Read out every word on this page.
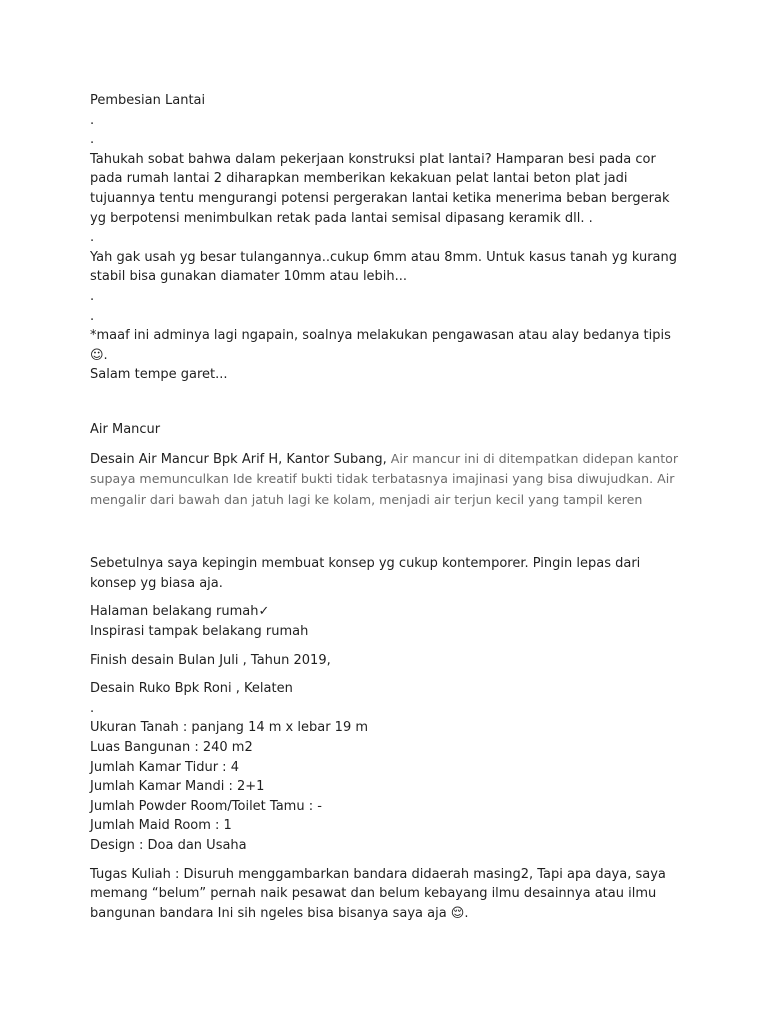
Pembesian Lantai

.

.

Tahukah sobat bahwa dalam pekerjaan konstruksi plat lantai? Hamparan besi pada cor pada rumah lantai 2 diharapkan memberikan kekakuan pelat lantai beton plat jadi tujuannya tentu mengurangi potensi pergerakan lantai ketika menerima beban bergerak yg berpotensi menimbulkan retak pada lantai semisal dipasang keramik dll. .

.

Yah gak usah yg besar tulangannya..cukup 6mm atau 8mm. Untuk kasus tanah yg kurang stabil bisa gunakan diamater 10mm atau lebih...

.

.

*maaf ini adminya lagi ngapain, soalnya melakukan pengawasan atau alay bedanya tipis☺.

Salam tempe garet...

Air Mancur

Desain Air Mancur Bpk Arif H, Kantor Subang, Air mancur ini di ditempatkan didepan kantor supaya memunculkan Ide kreatif bukti tidak terbatasnya imajinasi yang bisa diwujudkan. Air mengalir dari bawah dan jatuh lagi ke kolam, menjadi air terjun kecil yang tampil keren

Sebetulnya saya kepingin membuat konsep yg cukup kontemporer. Pingin lepas dari konsep yg biasa aja.

Halaman belakang rumah✓

Inspirasi tampak belakang rumah

Finish desain Bulan Juli , Tahun 2019,

Desain Ruko Bpk Roni , Kelaten

.

Ukuran Tanah : panjang 14 m x lebar 19 m

Luas Bangunan : 240 m2

Jumlah Kamar Tidur : 4

Jumlah Kamar Mandi : 2+1

Jumlah Powder Room/Toilet Tamu : -

Jumlah Maid Room : 1

Design : Doa dan Usaha

Tugas Kuliah : Disuruh menggambarkan bandara didaerah masing2, Tapi apa daya, saya memang “belum” pernah naik pesawat dan belum kebayang ilmu desainnya atau ilmu bangunan bandara Ini sih ngeles bisa bisanya saya aja 😌.
